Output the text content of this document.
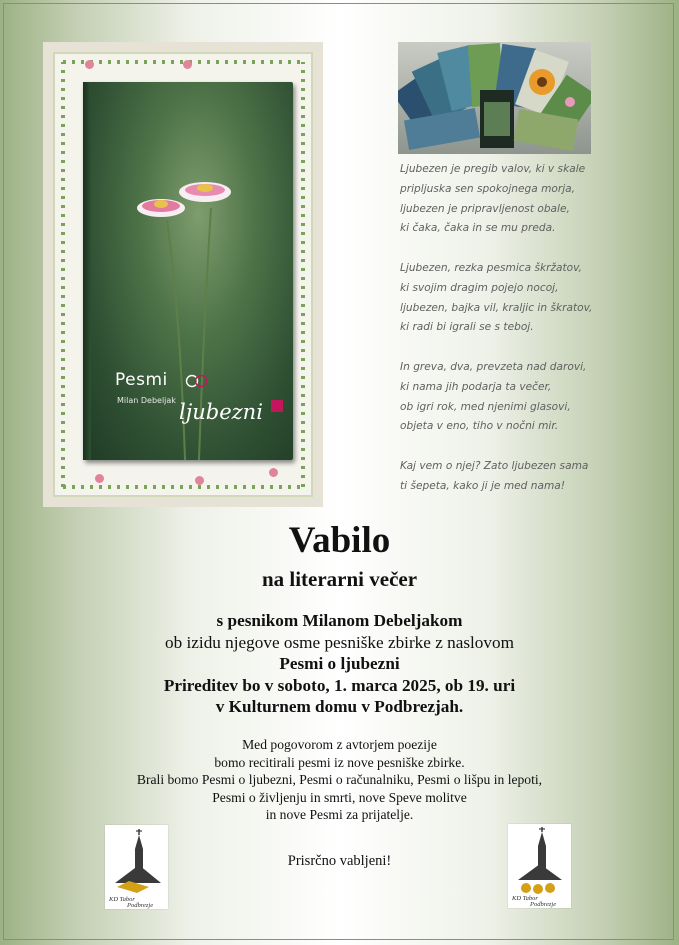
Pesmi
Milan Debeljak ljubezni
Ljubezen je pregib valov, ki v skale
pripljuska sen spokojnega morja,
ljubezen je pripravljenost obale,
ki čaka, čaka in se mu preda.
Ljubezen, rezka pesmica škržatov,
ki svojim dragim pojejo nocoj,
ljubezen, bajka vil, kraljic in škratov,
ki radi bi igrali se s teboj.
In greva, dva, prevzeta nad darovi,
ki nama jih podarja ta večer,
ob igri rok, med njenimi glasovi,
objeta v eno, tiho v nočni mir.
Kaj vem o njej? Zato ljubezen sama
ti šepeta, kako ji je med nama!
Vabilo
na literarni večer
s pesnikom Milanom Debeljakom
ob izidu njegove osme pesniške zbirke z naslovom
Pesmi o ljubezni
Prireditev bo v soboto, 1. marca 2025, ob 19. uri
v Kulturnem domu v Podbrezjah.
Med pogovorom z avtorjem poezije
bomo recitirali pesmi iz nove pesniške zbirke.
Brali bomo Pesmi o ljubezni, Pesmi o računalniku, Pesmi o lišpu in lepoti,
Pesmi o življenju in smrti, nove Speve molitve
in nove Pesmi za prijatelje.
Prisrčno vabljeni!
KD Tabor
Podbrezje
KD Tabor
Podbrezje
